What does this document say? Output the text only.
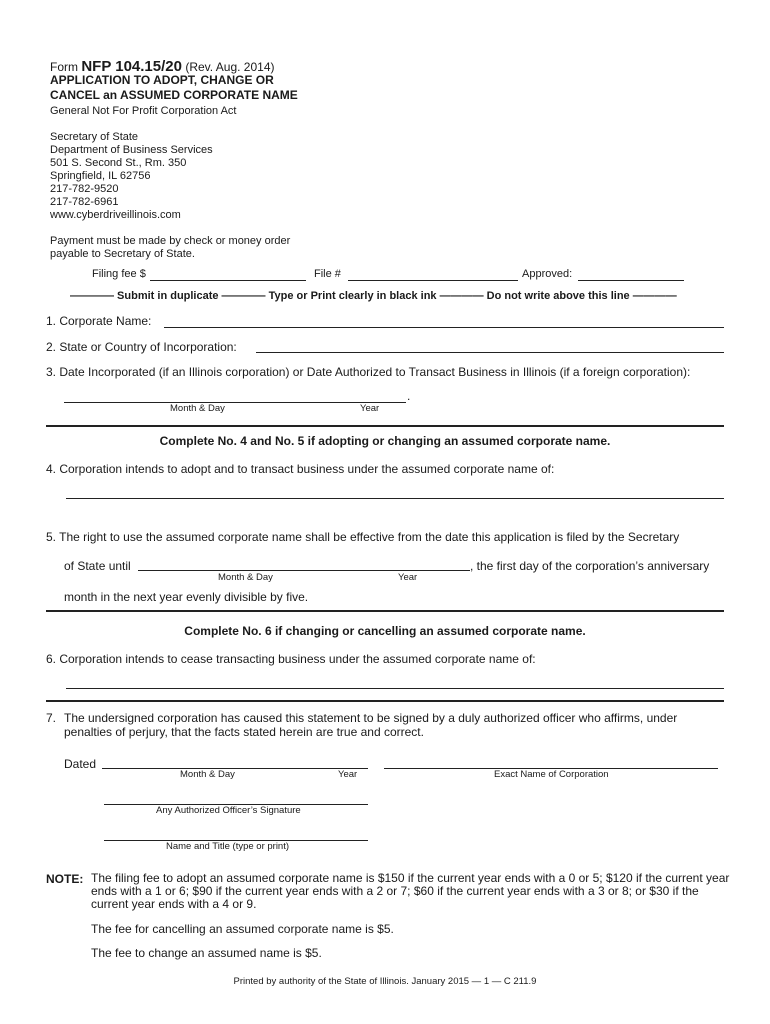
Form NFP 104.15/20 (Rev. Aug. 2014)
APPLICATION TO ADOPT, CHANGE OR
CANCEL an ASSUMED CORPORATE NAME
General Not For Profit Corporation Act
Secretary of State
Department of Business Services
501 S. Second St., Rm. 350
Springfield, IL 62756
217-782-9520
217-782-6961
www.cyberdriveillinois.com
Payment must be made by check or money order
payable to Secretary of State.
Filing fee $	File #	Approved:
———— Submit in duplicate ———— Type or Print clearly in black ink ———— Do not write above this line ————
1. Corporate Name:
2. State or Country of Incorporation:
3. Date Incorporated (if an Illinois corporation) or Date Authorized to Transact Business in Illinois (if a foreign corporation):
.
Month & Day	Year
Complete No. 4 and No. 5 if adopting or changing an assumed corporate name.
4. Corporation intends to adopt and to transact business under the assumed corporate name of:
5. The right to use the assumed corporate name shall be effective from the date this application is filed by the Secretary
of State until	, the first day of the corporation’s anniversary
Month & Day	Year
month in the next year evenly divisible by five.
Complete No. 6 if changing or cancelling an assumed corporate name.
6. Corporation intends to cease transacting business under the assumed corporate name of:
7. The undersigned corporation has caused this statement to be signed by a duly authorized officer who affirms, under penalties of perjury, that the facts stated herein are true and correct.
Dated
Month & Day	Year	Exact Name of Corporation
Any Authorized Officer’s Signature
Name and Title (type or print)
NOTE: The filing fee to adopt an assumed corporate name is $150 if the current year ends with a 0 or 5; $120 if the current year ends with a 1 or 6; $90 if the current year ends with a 2 or 7; $60 if the current year ends with a 3 or 8; or $30 if the current year ends with a 4 or 9.
The fee for cancelling an assumed corporate name is $5.
The fee to change an assumed name is $5.
Printed by authority of the State of Illinois. January 2015 — 1 — C 211.9
